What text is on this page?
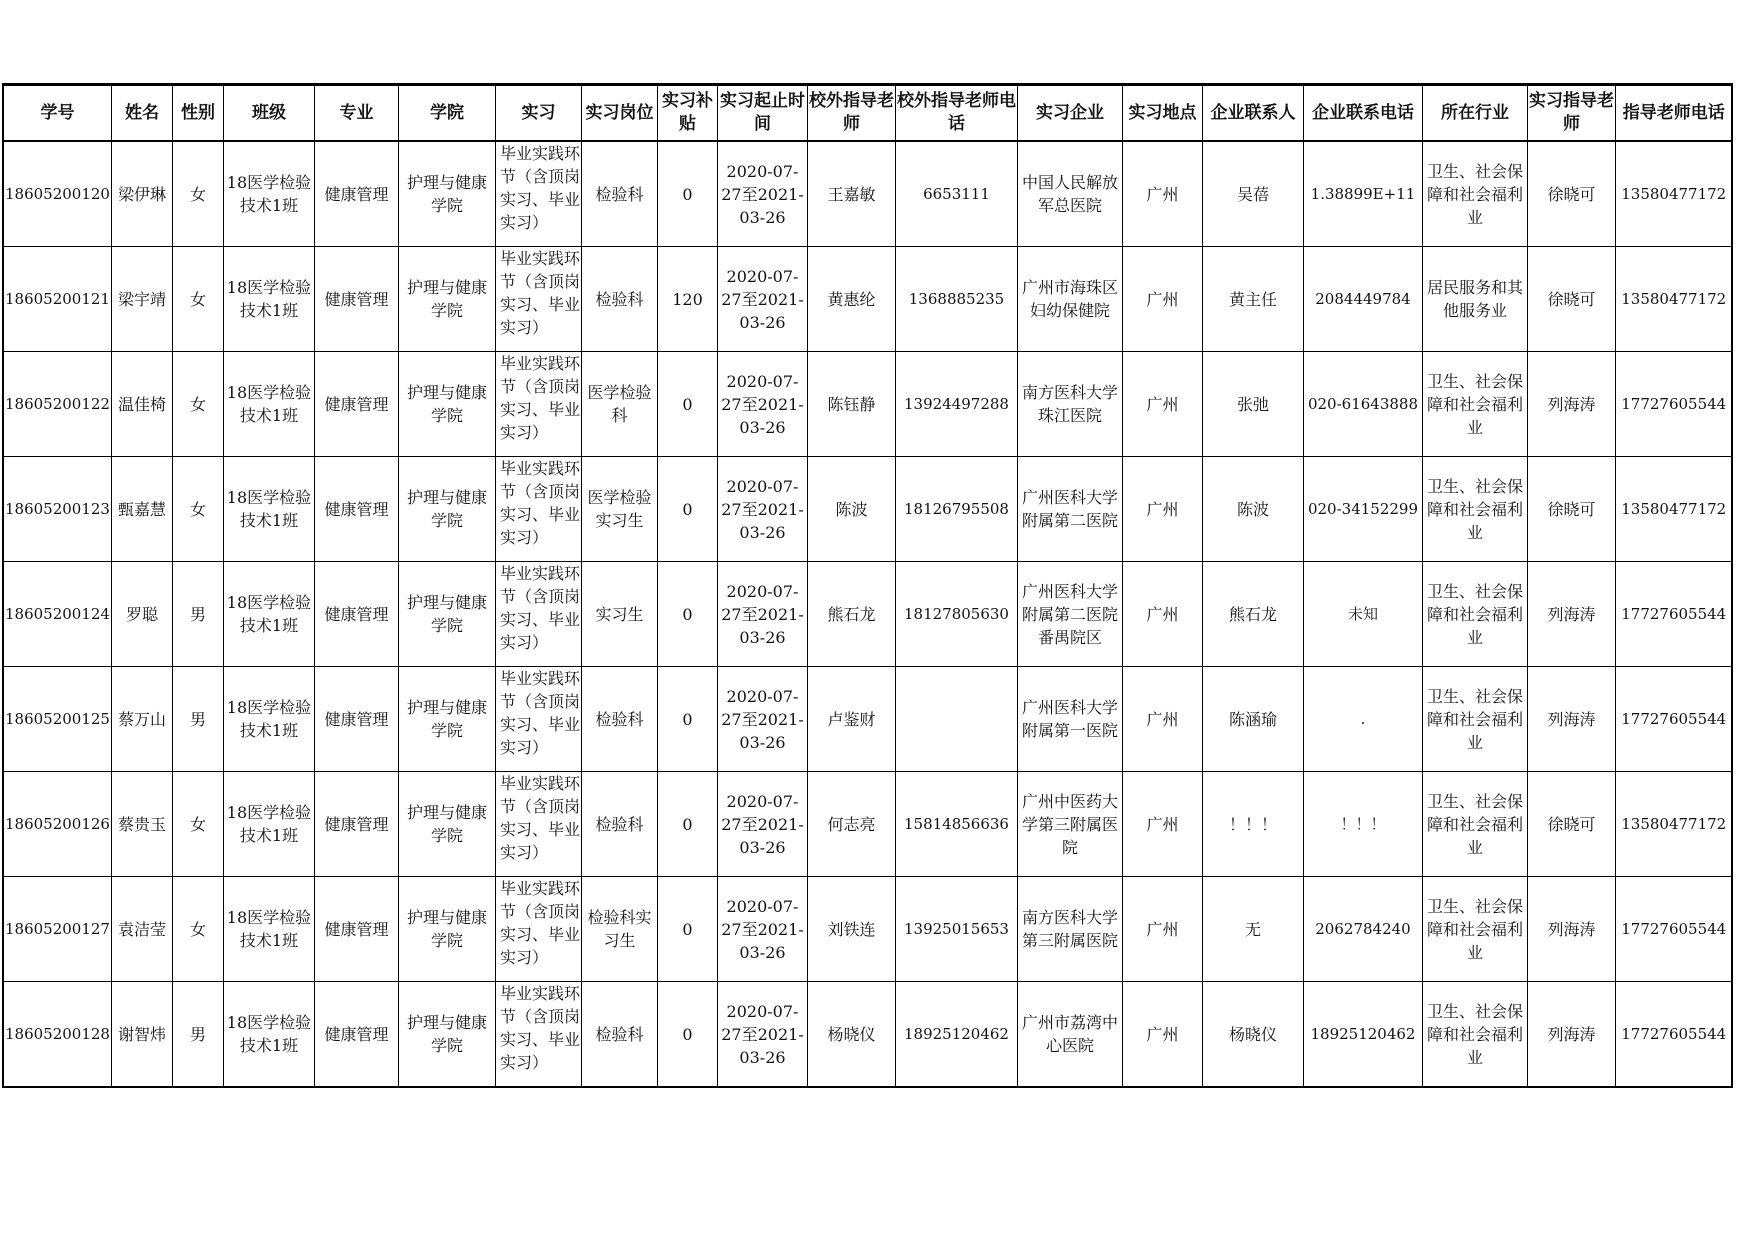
学号	姓名	性别	班级	专业	学院	实习	实习岗位	实习补贴	实习起止时间	校外指导老师	校外指导老师电话	实习企业	实习地点	企业联系人	企业联系电话	所在行业	实习指导老师	指导老师电话
18605200120	梁伊琳	女	18医学检验技术1班	健康管理	护理与健康学院	毕业实践环节（含顶岗实习、毕业实习）	检验科	0	2020-07-27至2021-03-26	王嘉敏	6653111	中国人民解放军总医院	广州	吴蓓	1.38899E+11	卫生、社会保障和社会福利业	徐晓可	13580477172
18605200121	梁宇靖	女	18医学检验技术1班	健康管理	护理与健康学院	毕业实践环节（含顶岗实习、毕业实习）	检验科	120	2020-07-27至2021-03-26	黄惠纶	1368885235	广州市海珠区妇幼保健院	广州	黄主任	2084449784	居民服务和其他服务业	徐晓可	13580477172
18605200122	温佳椅	女	18医学检验技术1班	健康管理	护理与健康学院	毕业实践环节（含顶岗实习、毕业实习）	医学检验科	0	2020-07-27至2021-03-26	陈钰静	13924497288	南方医科大学珠江医院	广州	张弛	020-61643888	卫生、社会保障和社会福利业	列海涛	17727605544
18605200123	甄嘉慧	女	18医学检验技术1班	健康管理	护理与健康学院	毕业实践环节（含顶岗实习、毕业实习）	医学检验实习生	0	2020-07-27至2021-03-26	陈波	18126795508	广州医科大学附属第二医院	广州	陈波	020-34152299	卫生、社会保障和社会福利业	徐晓可	13580477172
18605200124	罗聪	男	18医学检验技术1班	健康管理	护理与健康学院	毕业实践环节（含顶岗实习、毕业实习）	实习生	0	2020-07-27至2021-03-26	熊石龙	18127805630	广州医科大学附属第二医院番禺院区	广州	熊石龙	未知	卫生、社会保障和社会福利业	列海涛	17727605544
18605200125	蔡万山	男	18医学检验技术1班	健康管理	护理与健康学院	毕业实践环节（含顶岗实习、毕业实习）	检验科	0	2020-07-27至2021-03-26	卢鉴财		广州医科大学附属第一医院	广州	陈涵瑜	.	卫生、社会保障和社会福利业	列海涛	17727605544
18605200126	蔡贵玉	女	18医学检验技术1班	健康管理	护理与健康学院	毕业实践环节（含顶岗实习、毕业实习）	检验科	0	2020-07-27至2021-03-26	何志亮	15814856636	广州中医药大学第三附属医院	广州	！！！	！！！	卫生、社会保障和社会福利业	徐晓可	13580477172
18605200127	袁洁莹	女	18医学检验技术1班	健康管理	护理与健康学院	毕业实践环节（含顶岗实习、毕业实习）	检验科实习生	0	2020-07-27至2021-03-26	刘铁连	13925015653	南方医科大学第三附属医院	广州	无	2062784240	卫生、社会保障和社会福利业	列海涛	17727605544
18605200128	谢智炜	男	18医学检验技术1班	健康管理	护理与健康学院	毕业实践环节（含顶岗实习、毕业实习）	检验科	0	2020-07-27至2021-03-26	杨晓仪	18925120462	广州市荔湾中心医院	广州	杨晓仪	18925120462	卫生、社会保障和社会福利业	列海涛	17727605544
